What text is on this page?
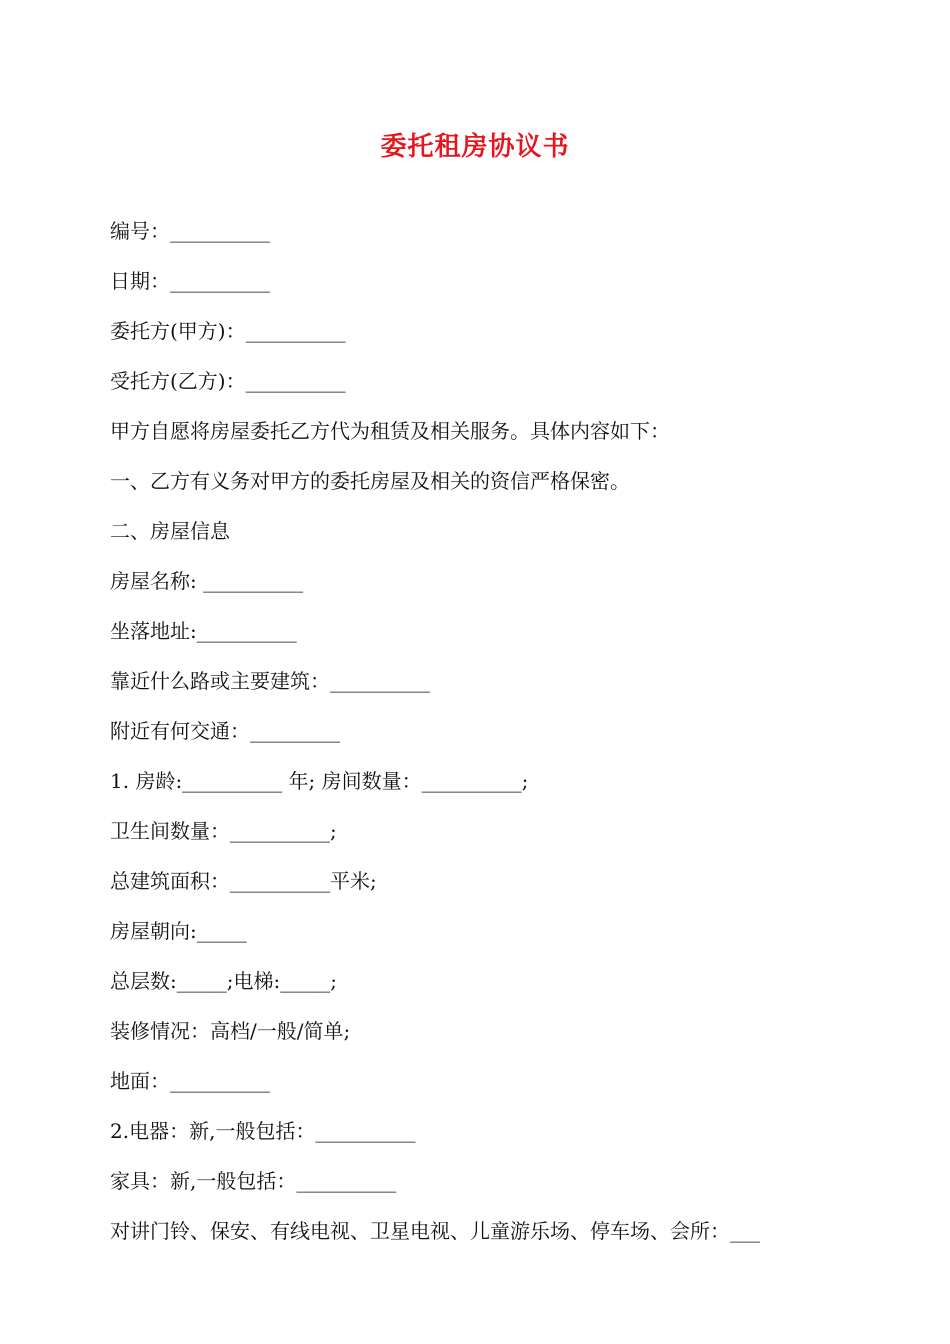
委托租房协议书
编号：__________
日期：__________
委托方(甲方)：__________
受托方(乙方)：__________
甲方自愿将房屋委托乙方代为租赁及相关服务。具体内容如下：
一、乙方有义务对甲方的委托房屋及相关的资信严格保密。
二、房屋信息
房屋名称: __________
坐落地址:__________
靠近什么路或主要建筑：__________
附近有何交通：_________
1. 房龄:__________ 年; 房间数量：__________;
卫生间数量：__________;
总建筑面积：__________平米;
房屋朝向:_____
总层数:_____;电梯:_____;
装修情况：高档/一般/简单;
地面：__________
2.电器：新,一般包括：__________
家具：新,一般包括：__________
对讲门铃、保安、有线电视、卫星电视、儿童游乐场、停车场、会所：___
